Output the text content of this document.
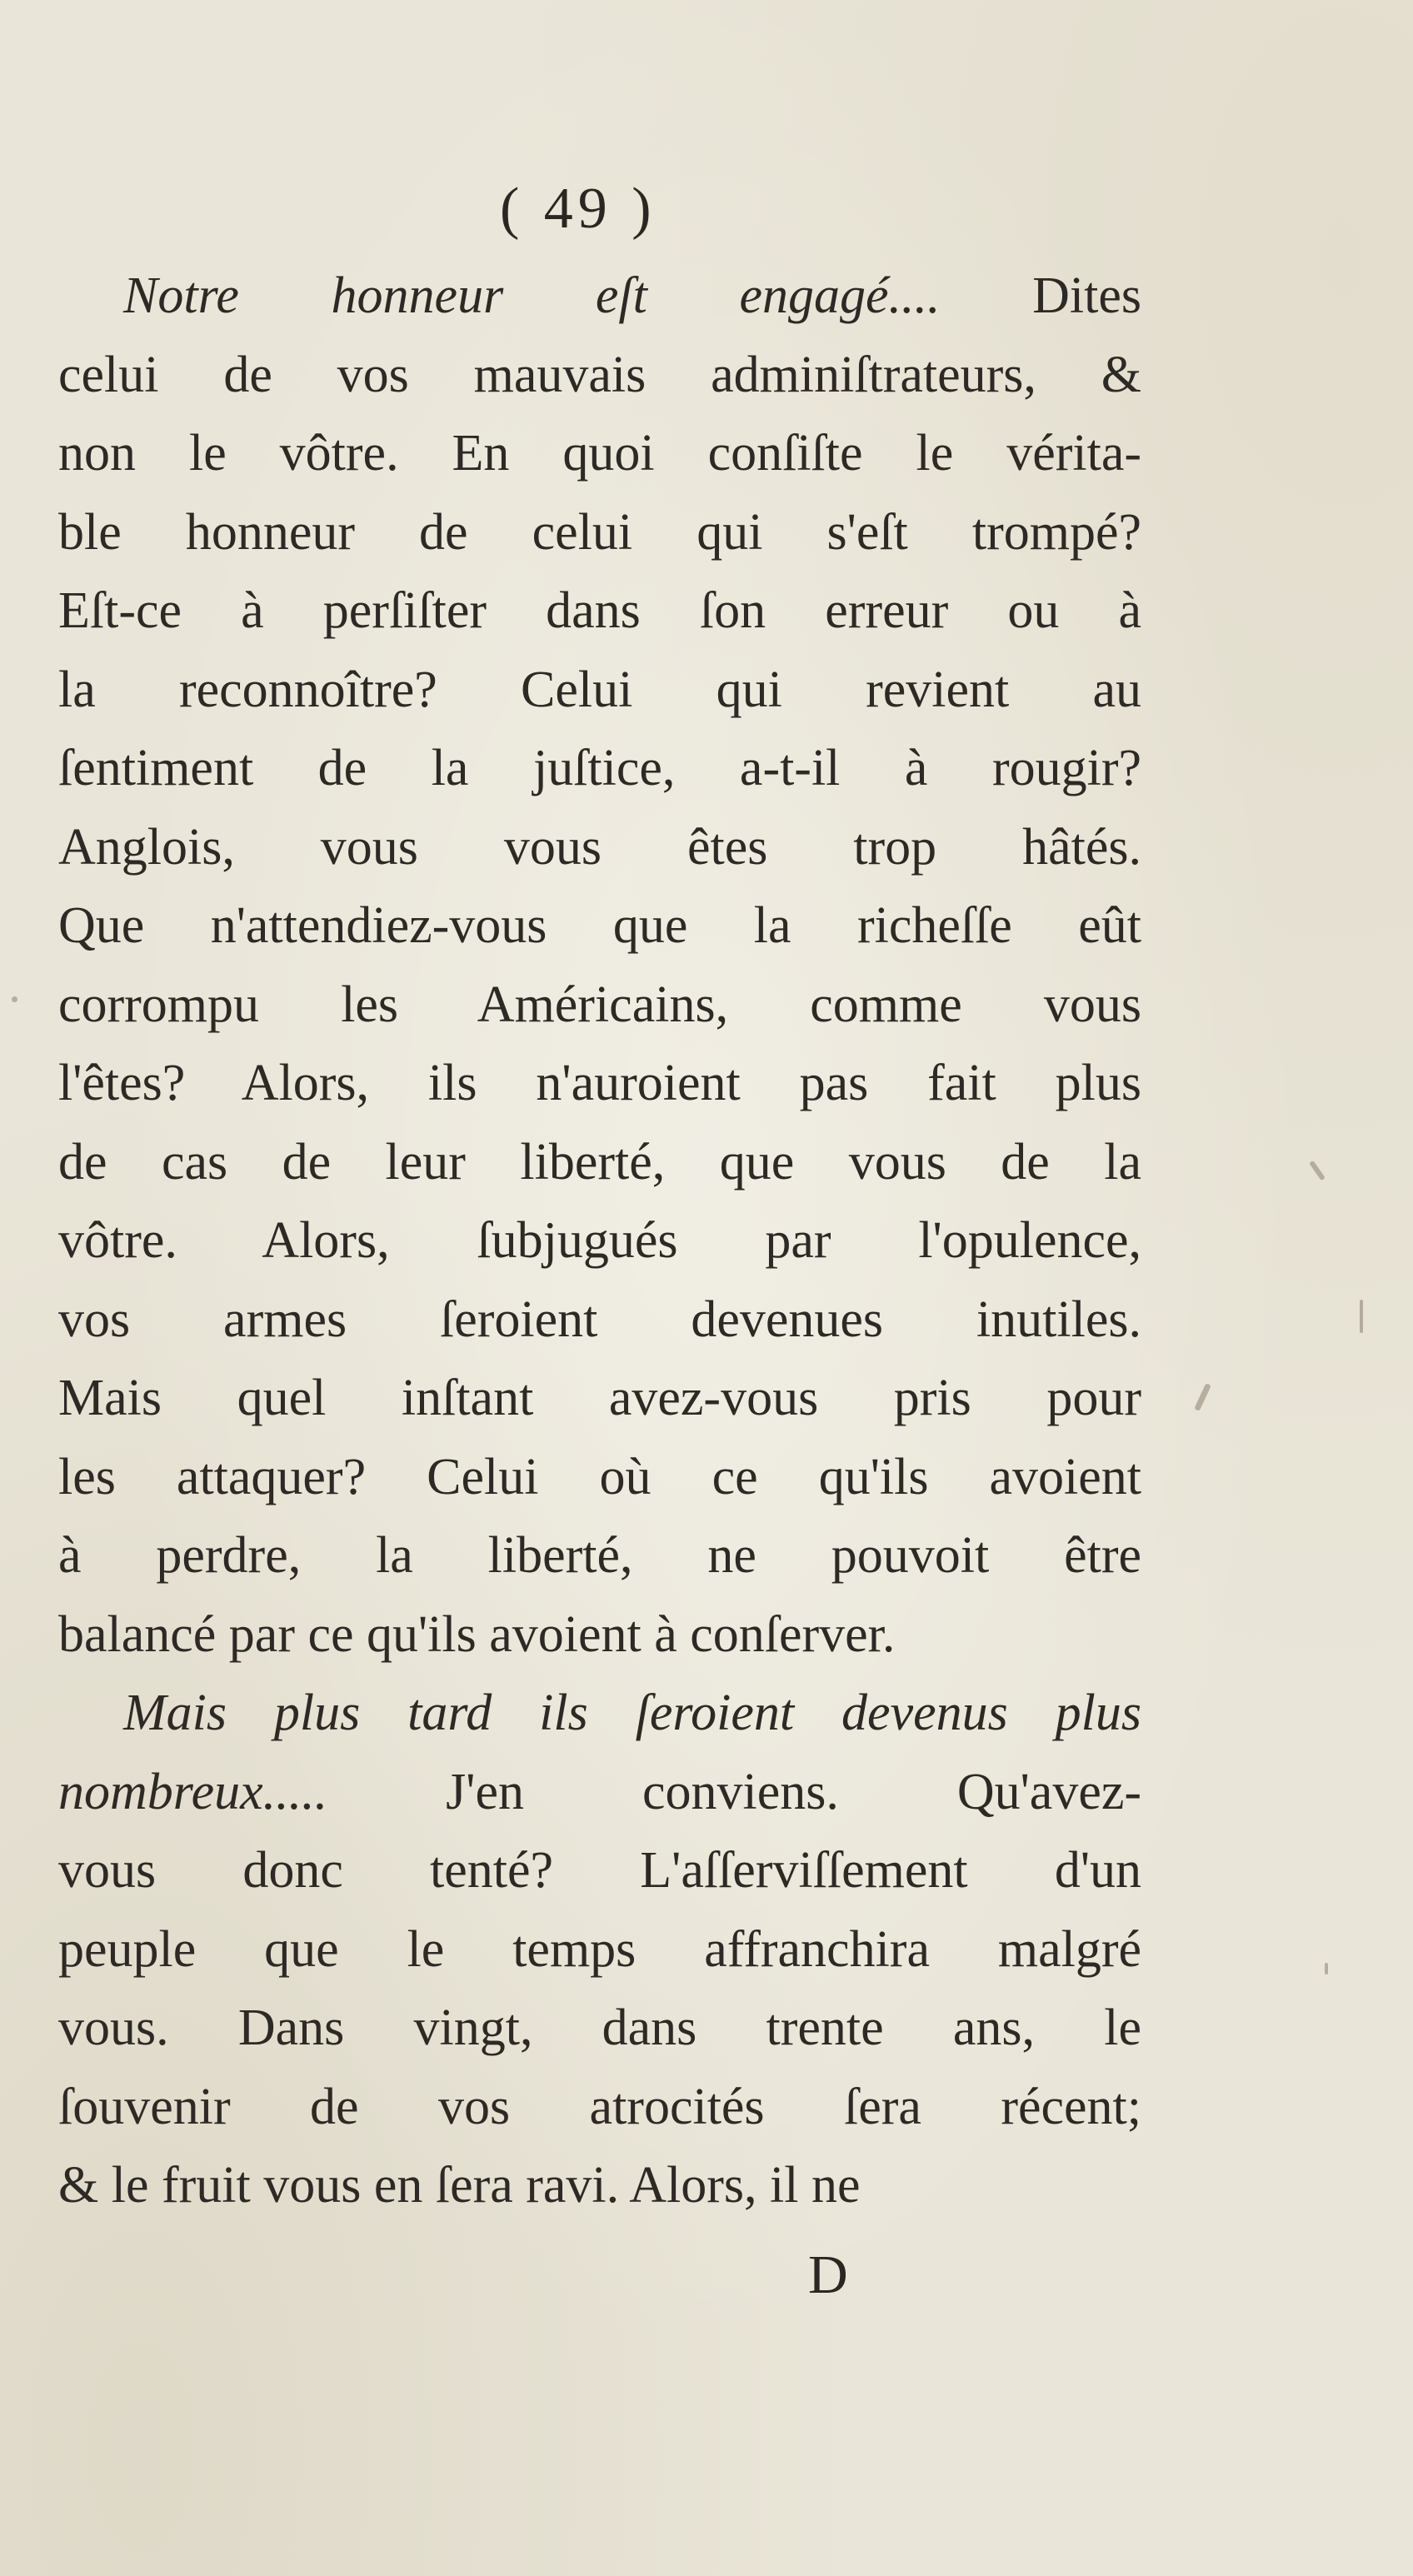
( 49 )
Notre honneur eſt engagé.... Dites
celui de vos mauvais adminiſtrateurs, &
non le vôtre. En quoi conſiſte le vérita-
ble honneur de celui qui s'eſt trompé?
Eſt-ce à perſiſter dans ſon erreur ou à
la reconnoître? Celui qui revient au
ſentiment de la juſtice, a-t-il à rougir?
Anglois, vous vous êtes trop hâtés.
Que n'attendiez-vous que la richeſſe eût
corrompu les Américains, comme vous
l'êtes? Alors, ils n'auroient pas fait plus
de cas de leur liberté, que vous de la
vôtre. Alors, ſubjugués par l'opulence,
vos armes ſeroient devenues inutiles.
Mais quel inſtant avez-vous pris pour
les attaquer? Celui où ce qu'ils avoient
à perdre, la liberté, ne pouvoit être
balancé par ce qu'ils avoient à conſerver.
Mais plus tard ils ſeroient devenus plus
nombreux..... J'en conviens. Qu'avez-
vous donc tenté? L'aſſerviſſement d'un
peuple que le temps affranchira malgré
vous. Dans vingt, dans trente ans, le
ſouvenir de vos atrocités ſera récent;
& le fruit vous en ſera ravi. Alors, il ne
D
